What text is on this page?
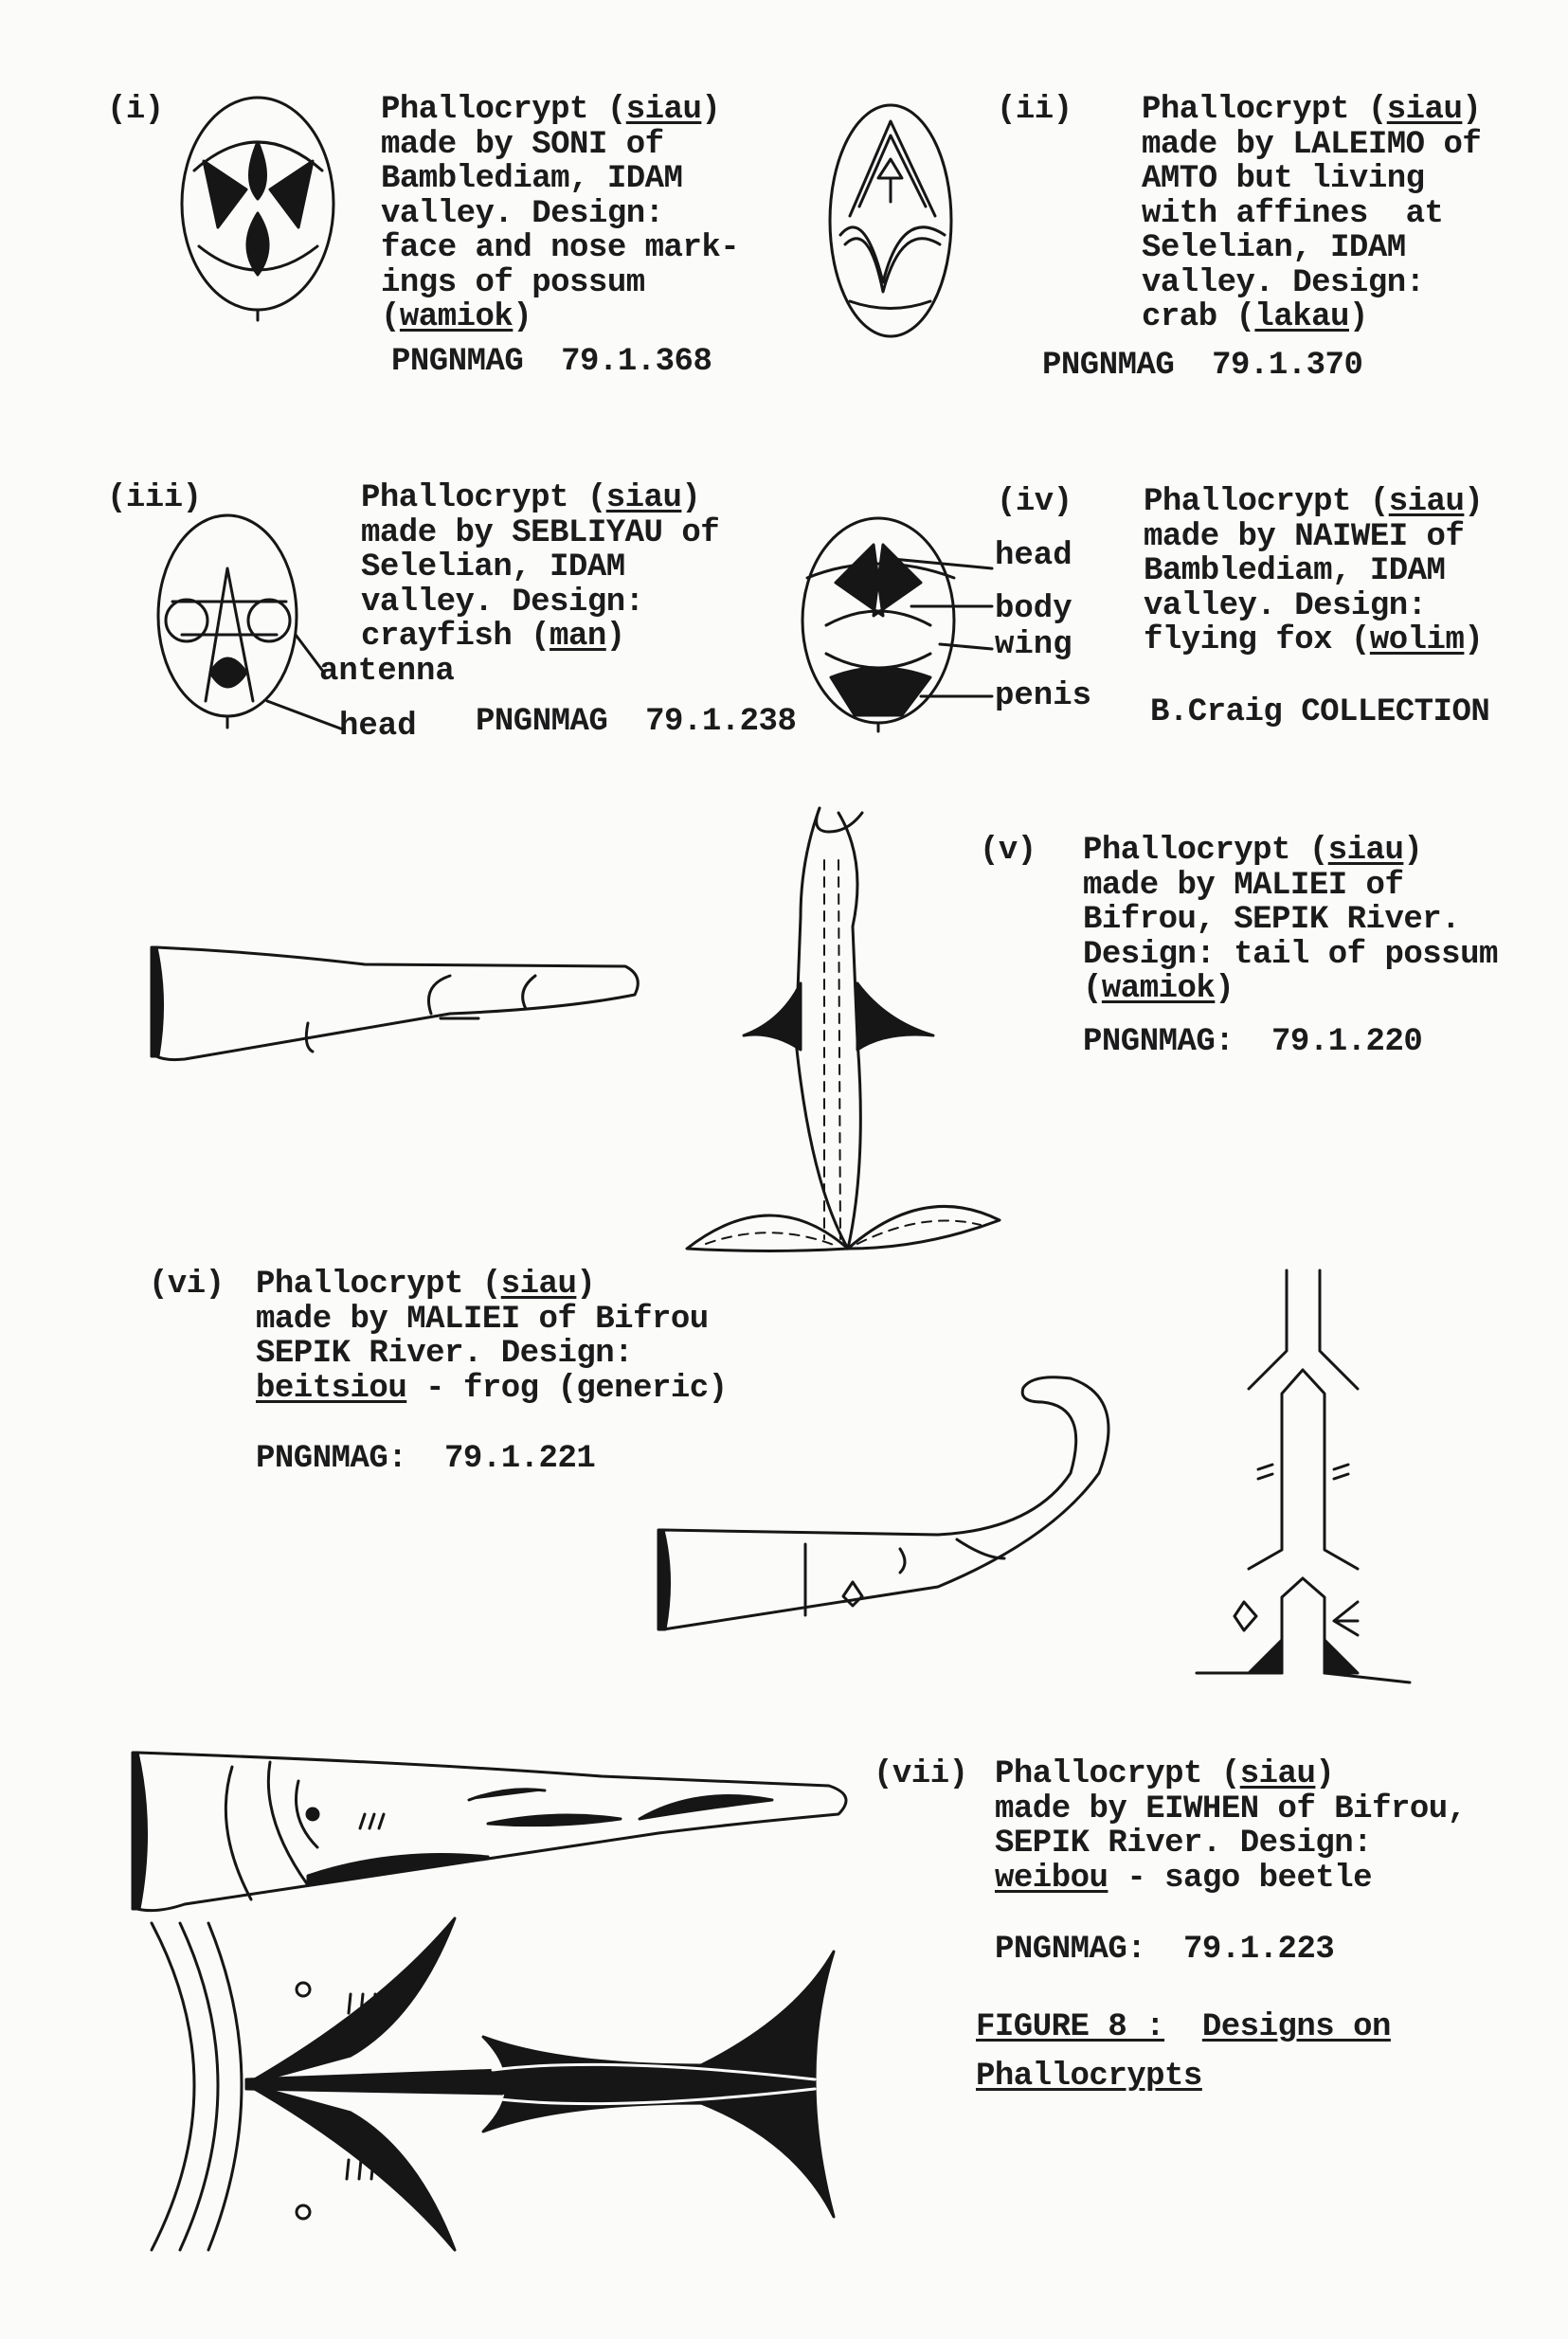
(i)	(ii)
(iii)	(iv)
(v)
(vi)
(vii)
Phallocrypt (siau)
made by SONI of
Bamblediam, IDAM
valley. Design:
face and nose mark-
ings of possum
(wamiok)
Phallocrypt (siau)
made by LALEIMO of
AMTO but living
with affines  at
Selelian, IDAM
valley. Design:
crab (lakau)
Phallocrypt (siau)
made by SEBLIYAU of
Selelian, IDAM
valley. Design:
crayfish (man)
Phallocrypt (siau)
made by NAIWEI of
Bamblediam, IDAM
valley. Design:
flying fox (wolim)
Phallocrypt (siau)
made by MALIEI of
Bifrou, SEPIK River.
Design: tail of possum
(wamiok)
Phallocrypt (siau)
made by MALIEI of Bifrou
SEPIK River. Design:
beitsiou - frog (generic)
Phallocrypt (siau)
made by EIWHEN of Bifrou,
SEPIK River. Design:
weibou - sago beetle
PNGNMAG  79.1.368	PNGNMAG  79.1.370
PNGNMAG  79.1.238	B.Craig COLLECTION
PNGNMAG:  79.1.220
PNGNMAG:  79.1.221
PNGNMAG:  79.1.223
antenna
head
head
body
wing
penis
FIGURE 8 : Designs on
Phallocrypts
